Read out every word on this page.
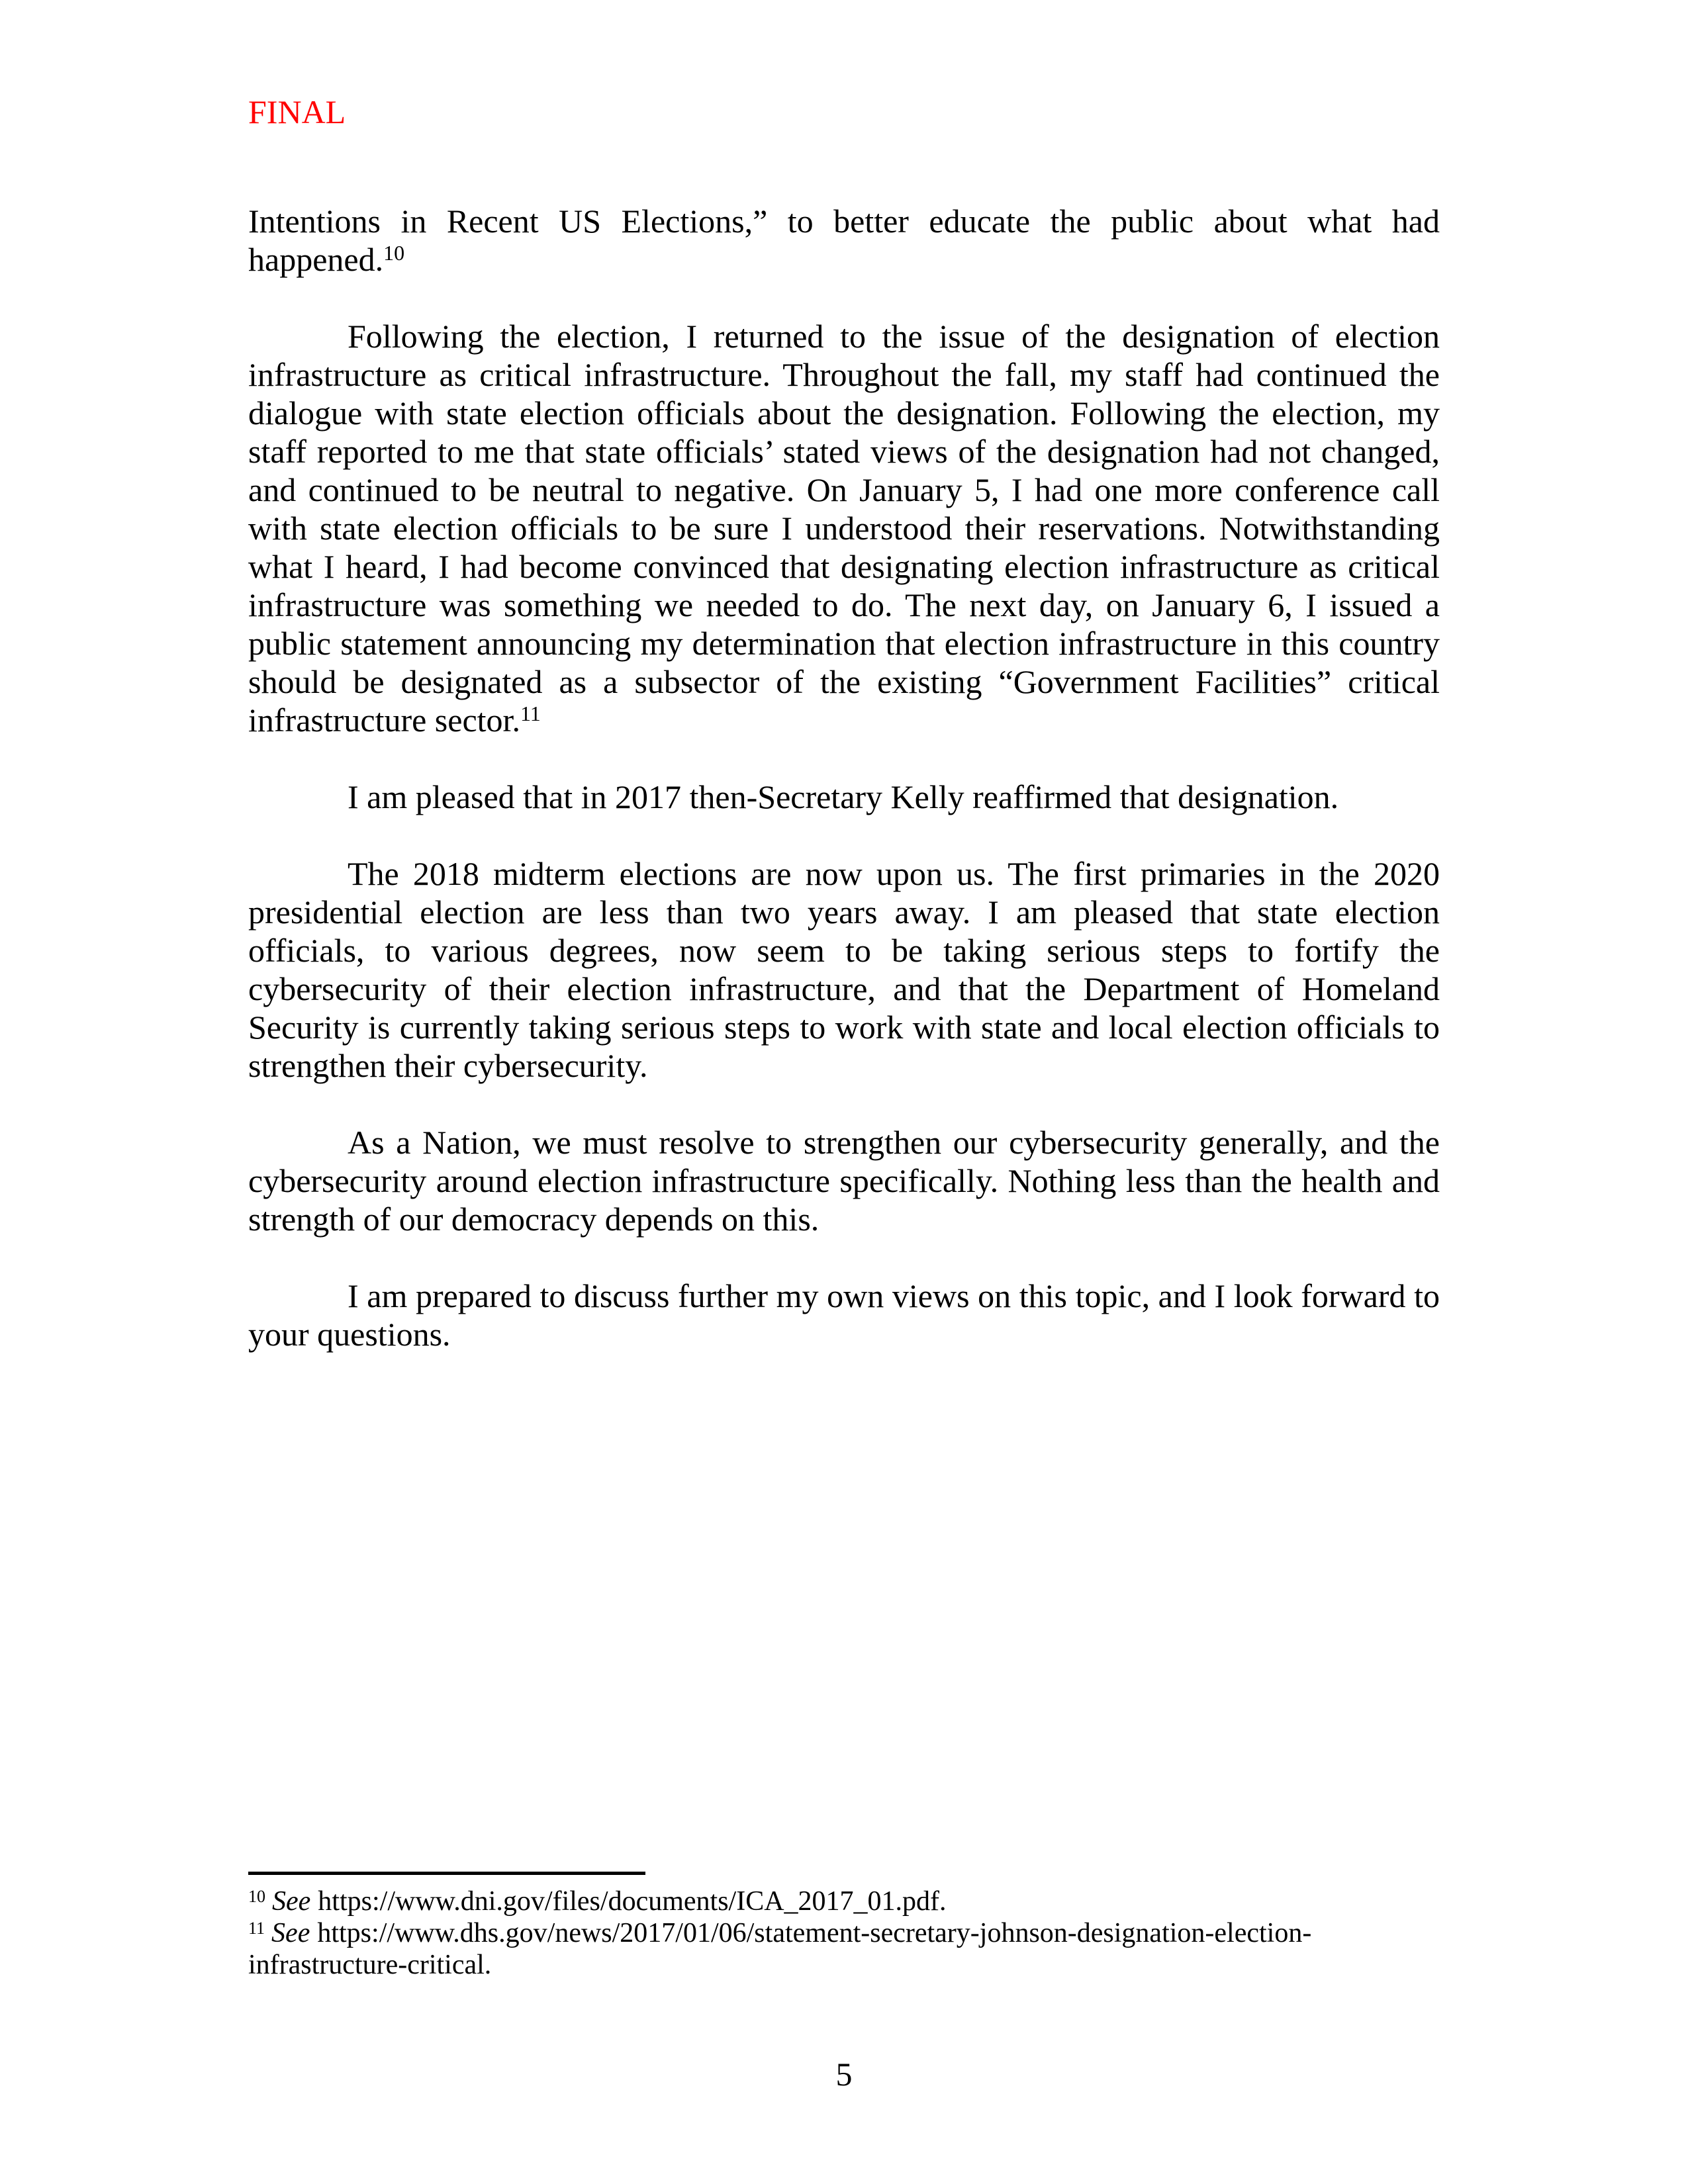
FINAL

Intentions in Recent US Elections,” to better educate the public about what had happened.$^{10}$

Following the election, I returned to the issue of the designation of election infrastructure as critical infrastructure. Throughout the fall, my staff had continued the dialogue with state election officials about the designation. Following the election, my staff reported to me that state officials’ stated views of the designation had not changed, and continued to be neutral to negative. On January 5, I had one more conference call with state election officials to be sure I understood their reservations. Notwithstanding what I heard, I had become convinced that designating election infrastructure as critical infrastructure was something we needed to do. The next day, on January 6, I issued a public statement announcing my determination that election infrastructure in this country should be designated as a subsector of the existing “Government Facilities” critical infrastructure sector.$^{11}$

I am pleased that in 2017 then-Secretary Kelly reaffirmed that designation.

The 2018 midterm elections are now upon us. The first primaries in the 2020 presidential election are less than two years away. I am pleased that state election officials, to various degrees, now seem to be taking serious steps to fortify the cybersecurity of their election infrastructure, and that the Department of Homeland Security is currently taking serious steps to work with state and local election officials to strengthen their cybersecurity.

As a Nation, we must resolve to strengthen our cybersecurity generally, and the cybersecurity around election infrastructure specifically. Nothing less than the health and strength of our democracy depends on this.

I am prepared to discuss further my own views on this topic, and I look forward to your questions.

$^{10}$ See https://www.dni.gov/files/documents/ICA_2017_01.pdf.

$^{11}$ See https://www.dhs.gov/news/2017/01/06/statement-secretary-johnson-designation-election-infrastructure-critical.

5
